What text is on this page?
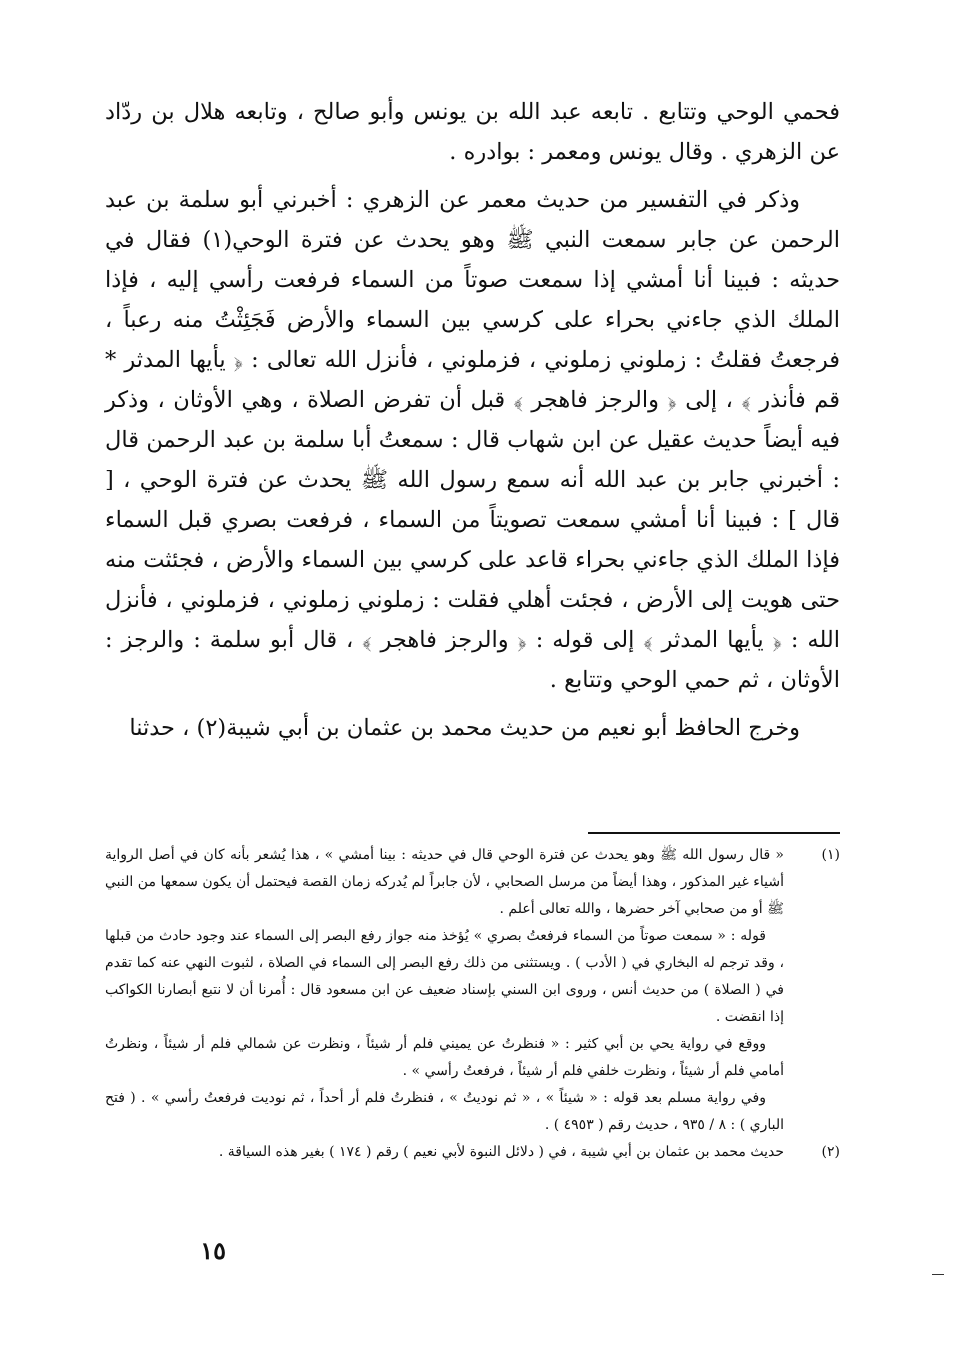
فحمي الوحي وتتابع . تابعه عبد الله بن يونس وأبو صالح ، وتابعه هلال بن ردّاد عن الزهري . وقال يونس ومعمر : بوادره .

وذكر في التفسير من حديث معمر عن الزهري : أخبرني أبو سلمة بن عبد الرحمن عن جابر سمعت النبي ﷺ وهو يحدث عن فترة الوحي(١) فقال في حديثه : فبينا أنا أمشي إذا سمعت صوتاً من السماء فرفعت رأسي إليه ، فإذا الملك الذي جاءني بحراء على كرسي بين السماء والأرض فَجَئِثْتُ منه رعباً ، فرجعتُ فقلتُ : زملوني زملوني ، فزملوني ، فأنزل الله تعالى : ﴿ يأيها المدثر * قم فأنذر ﴾ ، إلى ﴿ والرجز فاهجر ﴾ قبل أن تفرض الصلاة ، وهي الأوثان ، وذكر فيه أيضاً حديث عقيل عن ابن شهاب قال : سمعتُ أبا سلمة بن عبد الرحمن قال : أخبرني جابر بن عبد الله أنه سمع رسول الله ﷺ يحدث عن فترة الوحي ، [ قال ] : فبينا أنا أمشي سمعت تصويتاً من السماء ، فرفعت بصري قبل السماء فإذا الملك الذي جاءني بحراء قاعد على كرسي بين السماء والأرض ، فجئثت منه حتى هويت إلى الأرض ، فجئت أهلي فقلت : زملوني زملوني ، فزملوني ، فأنزل الله : ﴿ يأيها المدثر ﴾ إلى قوله : ﴿ والرجز فاهجر ﴾ ، قال أبو سلمة : والرجز : الأوثان ، ثم حمي الوحي وتتابع .

وخرج الحافظ أبو نعيم من حديث محمد بن عثمان بن أبي شيبة(٢) ، حدثنا

(١)

« قال رسول الله ﷺ وهو يحدث عن فترة الوحي قال في حديثه : بينا أمشي » ، هذا يُشعر بأنه كان في أصل الرواية أشياء غير المذكور ، وهذا أيضاً من مرسل الصحابي ، لأن جابراً لم يُدركه زمان القصة فيحتمل أن يكون سمعها من النبي ﷺ أو من صحابي آخر حضرها ، والله تعالى أعلم .

قوله : « سمعت صوتاً من السماء فرفعتُ بصري » يُؤخذ منه جواز رفع البصر إلى السماء عند وجود حادث من قبلها ، وقد ترجم له البخاري في ( الأدب ) . ويستثنى من ذلك رفع البصر إلى السماء في الصلاة ، لثبوت النهي عنه كما تقدم في ( الصلاة ) من حديث أنس ، وروى ابن السني بإسناد ضعيف عن ابن مسعود قال : أُمرنا أن لا نتبع أبصارنا الكواكب إذا انقضت .

ووقع في رواية يحي بن أبي كثير : « فنظرتُ عن يميني فلم أر شيئاً ، ونظرت عن شمالي فلم أر شيئاً ، ونظرتُ أمامي فلم أر شيئاً ، ونظرت خلفي فلم أر شيئاً ، فرفعتُ رأسي » .

وفي رواية مسلم بعد قوله : « شيئاً » ، « ثم نوديتُ » ، فنظرتُ فلم أر أحداً ، ثم نوديت فرفعتُ رأسي » . ( فتح الباري ) : ٨ / ٩٣٥ ، حديث رقم ( ٤٩٥٣ ) .

(٢)

حديث محمد بن عثمان بن أبي شيبة ، في ( دلائل النبوة لأبي نعيم ) رقم ( ١٧٤ ) بغير هذه السياقة .

١٥
